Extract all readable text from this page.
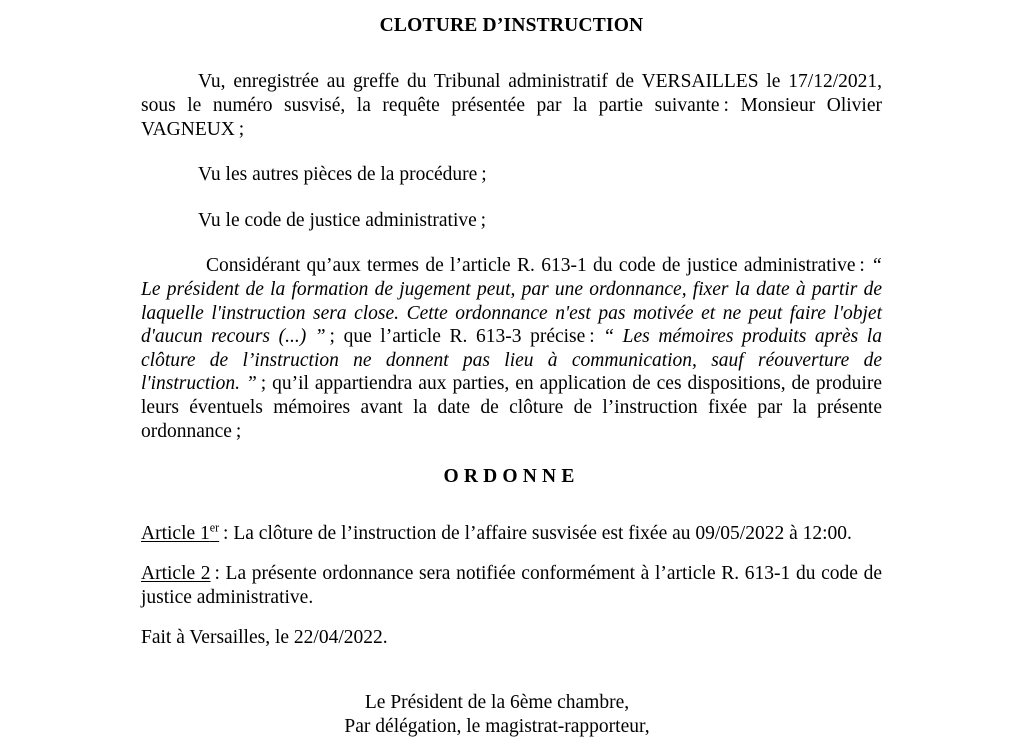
CLOTURE D’INSTRUCTION

Vu, enregistrée au greffe du Tribunal administratif de VERSAILLES le 17/12/2021, sous le numéro susvisé, la requête présentée par la partie suivante : Monsieur Olivier VAGNEUX ;

Vu les autres pièces de la procédure ;

Vu le code de justice administrative ;

Considérant qu’aux termes de l’article R. 613-1 du code de justice administrative : “ Le président de la formation de jugement peut, par une ordonnance, fixer la date à partir de laquelle l'instruction sera close. Cette ordonnance n'est pas motivée et ne peut faire l'objet d'aucun recours (...) ” ; que l’article R. 613-3 précise : “ Les mémoires produits après la clôture de l’instruction ne donnent pas lieu à communication, sauf réouverture de l'instruction. ” ; qu’il appartiendra aux parties, en application de ces dispositions, de produire leurs éventuels mémoires avant la date de clôture de l’instruction fixée par la présente ordonnance ;

ORDONNE

Article 1er : La clôture de l’instruction de l’affaire susvisée est fixée au 09/05/2022 à 12:00.

Article 2 : La présente ordonnance sera notifiée conformément à l’article R. 613-1 du code de justice administrative.

Fait à Versailles, le 22/04/2022.

Le Président de la 6ème chambre,
Par délégation, le magistrat-rapporteur,
